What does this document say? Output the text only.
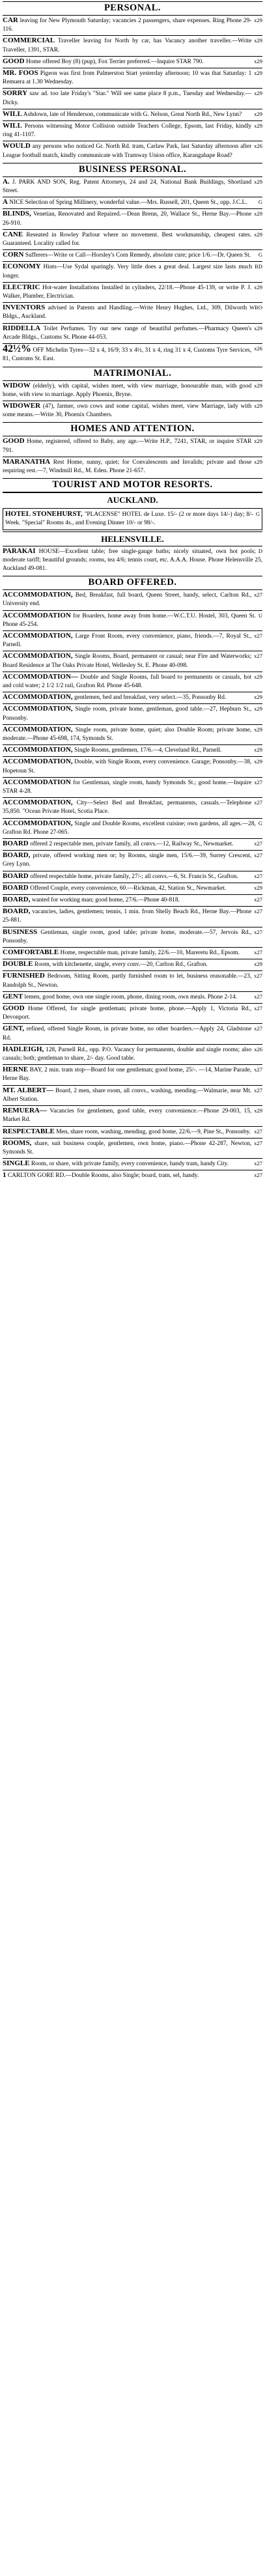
PERSONAL.

x29
CAR leaving for New Plymouth Saturday; vacancies 2 passengers, share expenses. Ring Phone 29-116.

x29
COMMERCIAL Traveller leaving for North by car, has Vacancy another traveller.—Write Traveller, 1391, STAR.

x29
GOOD Home offered Boy (8) (pup), Fox Terrier preferred.—Inquire STAR 790.

x29
MR. FOOS Pigeon was first from Palmerston Start yesterday afternoon; 10 was that Saturday: 1 Remuera at 1.30 Wednesday.

x29
SORRY saw ad. too late Friday's "Star." Will see same place 8 p.m., Tuesday and Wednesday.—Dicky.

x29
WILL Ashdown, late of Henderson, communicate with G. Nelson, Great North Rd., New Lynn?

x29
WILL Persons witnessing Motor Collision outside Teachers College, Epsom, last Friday, kindly ring 41-1107.

x26
WOULD any persons who noticed Gr. North Rd. tram, Carlaw Park, last Saturday afternoon after League football match, kindly communicate with Tramway Union office, Karangahape Road?

BUSINESS PERSONAL.

x29
A. J. PARK AND SON, Reg. Patent Attorneys, 24 and 24, National Bank Buildings, Shortland Street.

G
A NICE Selection of Spring Millinery, wonderful value.—Mrs. Russell, 201, Queen St., opp. J.C.L.

x29
BLINDS, Venetian, Renovated and Repaired.—Dean Brenn, 20, Wallace St., Herne Bay.—Phone 26-910.

x29
CANE Reseated in Rowley Parlour where no movement. Best workmanship, cheapest rates. Guaranteed. Locality called for.

G
CORN Sufferers—Write or Call—Horsley's Corn Remedy, absolute cure; price 1/6.—Dr. Queen St.

RD
ECONOMY Hints—Use Sydal sparingly. Very little does a great deal. Largest size lasts much longer.

x29
ELECTRIC Hot-water Installations Installed in cylinders, 22/18.—Phone 45-139, or write P. J. Walker, Plumber, Electrician.

WRO
INVENTORS advised in Patents and Handling.—Write Henry Hughes, Ltd., 309, Dilworth Bldgs., Auckland.

x29
RIDDELLA Toilet Perfumes. Try our new range of beautiful perfumes.—Pharmacy Queen's Arcade Bldgs., Customs St. Phone 44-053.

x26
42½% OFF Michelin Tyres—32 x 4, 16/9; 33 x 4½, 31 x 4, ring 31 x 4, Customs Tyre Services, 81, Customs St. East.

MATRIMONIAL.

x29
WIDOW (elderly), with capital, wishes meet, with view marriage, honourable man, with good home, with view to marriage. Apply Phoenix, Bryne.

x29
WIDOWER (47), farmer, own cows and some capital, wishes meet, view Marriage, lady with some means.—Write 30, Phoenix Chambers.

HOMES AND ATTENTION.

x29
GOOD Home, registered, offered to Baby, any age.—Write H.P., 7241, STAR, or inquire STAR 791.

x29
MARANATHA Rest Home, sunny, quiet; for Convalescents and Invalids; private and those requiring rest.—7, Windmill Rd., M. Eden. Phone 21-657.

TOURIST AND MOTOR RESORTS.
AUCKLAND.

G
HOTEL STONEHURST, "PLACENSE" HOTEL de Luxe. 15/- (2 or more days 14/-) day; 8/- Week. "Special" Rooms 4s., and Evening Dinner 10/- or 98/-.

HELENSVILLE.

D
PARAKAI HOUSE—Excellent table; free single-gauge baths; nicely situated, own hot pools; moderate tariff; beautiful grounds; rooms, tea 4/6; tennis court, etc. A.A.A. House. Phone Helensville 25, Auckland 49-081.

BOARD OFFERED.

x27
ACCOMMODATION, Bed, Breakfast, full board, Queen Street, handy, select, Carlton Rd., University end.

U
ACCOMMODATION for Boarders, home away from home.—W.C.T.U. Hostel, 303, Queen St. Phone 45-254.

x27
ACCOMMODATION, Large Front Room, every convenience, piano, friends.—7, Royal St., Parnell.

x27
ACCOMMODATION, Single Rooms, Board, permanent or casual; near Fire and Waterworks; Board Residence at The Oaks Private Hotel, Wellesley St. E. Phone 40-098.

x29
ACCOMMODATION— Double and Single Rooms, full board to permanents or casuals, hot and cold water; 2 1/2 1/2 rail, Grafton Rd. Phone 45-648.

x29
ACCOMMODATION, gentlemen, bed and breakfast, very select.—35, Ponsonby Rd.

x29
ACCOMMODATION, Single room, private home, gentleman, good table.—27, Hepburn St., Ponsonby.

x29
ACCOMMODATION, Single room, private home, quiet; also Double Room; private home, moderate.—Phone 45-698, 174, Symonds St.

x29
ACCOMMODATION, Single Rooms, gentlemen, 17/6.—4, Cleveland Rd., Parnell.

x29
ACCOMMODATION, Double, with Single Room, every convenience. Garage; Ponsonby.—38, Hopetoun St.

x27
ACCOMMODATION for Gentleman, single room, handy Symonds St.; good home.—Inquire STAR 4-28.

x27
ACCOMMODATION, City—Select Bed and Breakfast, permanents, casuals.—Telephone 35,850. "Ocean Private Hotel, Scotia Place.

G
ACCOMMODATION, Single and Double Rooms, excellent cuisine; own gardens, all ages.—28, Grafton Rd. Phone 27-065.

x27
BOARD offered 2 respectable men, private family, all convs.—12, Railway St., Newmarket.

x27
BOARD, private, offered working men or; by Rooms, single men, 15/6.—39, Surrey Crescent, Grey Lynn.

x27
BOARD offered respectable home, private family, 27/-; all convs.—6, St. Francis St., Grafton.

x29
BOARD Offered Couple, every convenience, 60.—Rickman, 42, Station St., Newmarket.

x27
BOARD, wanted for working man; good home, 27/6.—Phone 40-818.

x27
BOARD, vacancies, ladies, gentlemen; tennis, 1 min. from Shelly Beach Rd., Herne Bay.—Phone 25-881.

x27
BUSINESS Gentleman, single room, good table; private home, moderate.—57, Jervois Rd., Ponsonby.

x27
COMFORTABLE Home, respectable man, private family, 22/6.—10, Mareretu Rd., Epsom.

x29
DOUBLE Room, with kitchenette, single, every conv.—20, Carlton Rd., Grafton.

x27
FURNISHED Bedroom, Sitting Room, partly furnished room to let, business reasonable.—23, Randolph St., Newton.

x27
GENT lemen, good home, own one single room, phone, dining room, own meals. Phone 2-14.

x27
GOOD Home Offered, for single gentleman; private home, phone.—Apply 1, Victoria Rd., Devonport.

x27
GENT, refined, offered Single Room, in private home, no other boarders.—Apply 24, Gladstone Rd.

x26
HADLEIGH, 128, Parnell Rd., opp. P.O. Vacancy for permanents, double and single rooms; also casuals; both; gentleman to share, 2/- day. Good table.

x27
HERNE BAY, 2 min. tram stop—Board for one gentleman; good home, 25/-. —14, Marine Parade, Herne Bay.

x27
MT. ALBERT— Board, 2 men, share room, all convs., washing, mending.—Walmarie, near Mt. Albert Station.

x29
REMUERA— Vacancies for gentlemen, good table, every convenience.—Phone 29-003, 15, Market Rd.

x27
RESPECTABLE Men, share room, washing, mending, good home, 22/6.—9, Pine St., Ponsonby.

x27
ROOMS, share, suit business couple, gentlemen, own home, piano.—Phone 42-287, Newton, Symonds St.

x27
SINGLE Room, or share, with private family, every convenience, handy tram, handy City.

x27
1 CARLTON GORE RD.—Double Rooms, also Single; board, tram, sel, handy.
